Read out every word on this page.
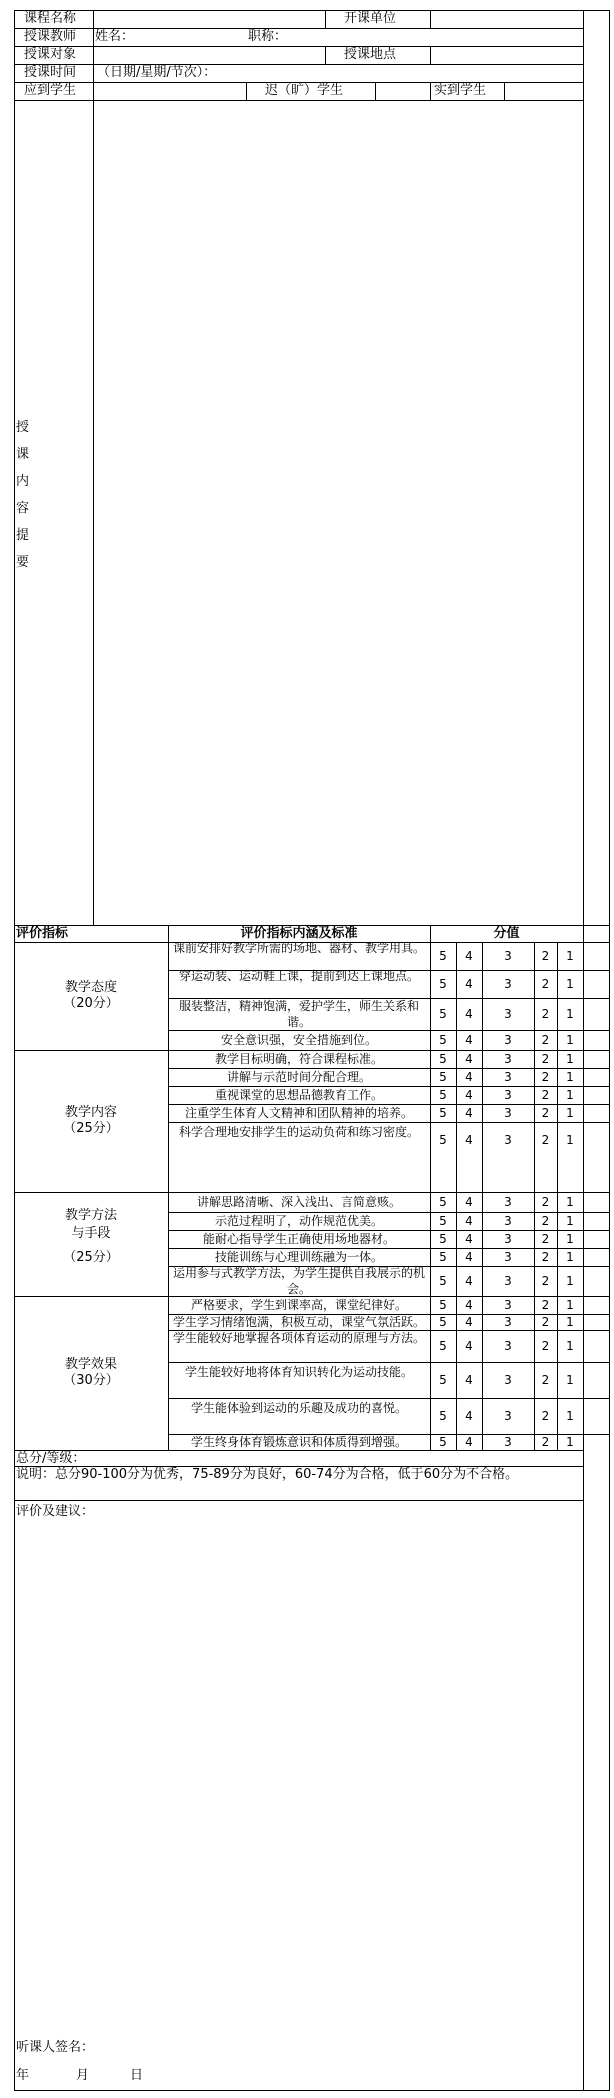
课程名称	开课单位
授课教师 姓名：	职称：
授课对象	授课地点
授课时间 （日期/星期/节次）：
应到学生	迟（旷）学生	实到学生
授
课
内
容
提
要
评价指标	评价指标内涵及标准	分值
教学态度
（20分）
课前安排好教学所需的场地、器材、教学用具。
5	4	3	2	1
穿运动装、运动鞋上课，提前到达上课地点。
5	4	3	2	1
服装整洁，精神饱满，爱护学生，师生关系和谐。
5	4	3	2	1
安全意识强，安全措施到位。	5	4	3	2	1
教学内容
（25分）
教学目标明确，符合课程标准。	5	4	3	2	1
讲解与示范时间分配合理。	5	4	3	2	1
重视课堂的思想品德教育工作。	5	4	3	2	1
注重学生体育人文精神和团队精神的培养。	5	4	3	2	1
科学合理地安排学生的运动负荷和练习密度。
5	4	3	2	1
教学方法
与手段
（25分）
讲解思路清晰、深入浅出、言简意赅。	5	4	3	2	1
示范过程明了，动作规范优美。	5	4	3	2	1
能耐心指导学生正确使用场地器材。	5	4	3	2	1
技能训练与心理训练融为一体。	5	4	3	2	1
运用参与式教学方法，为学生提供自我展示的机会。
5	4	3	2	1
教学效果
（30分）
严格要求，学生到课率高，课堂纪律好。	5	4	3	2	1
学生学习情绪饱满，积极互动，课堂气氛活跃。	5	4	3	2	1
学生能较好地掌握各项体育运动的原理与方法。
5	4	3	2	1
学生能较好地将体育知识转化为运动技能。
5	4	3	2	1
学生能体验到运动的乐趣及成功的喜悦。
5	4	3	2	1
学生终身体育锻炼意识和体质得到增强。	5	4	3	2	1
总分/等级：
说明：总分90-100分为优秀，75-89分为良好，60-74分为合格，低于60分为不合格。
评价及建议：
听课人签名：
年	月	日
